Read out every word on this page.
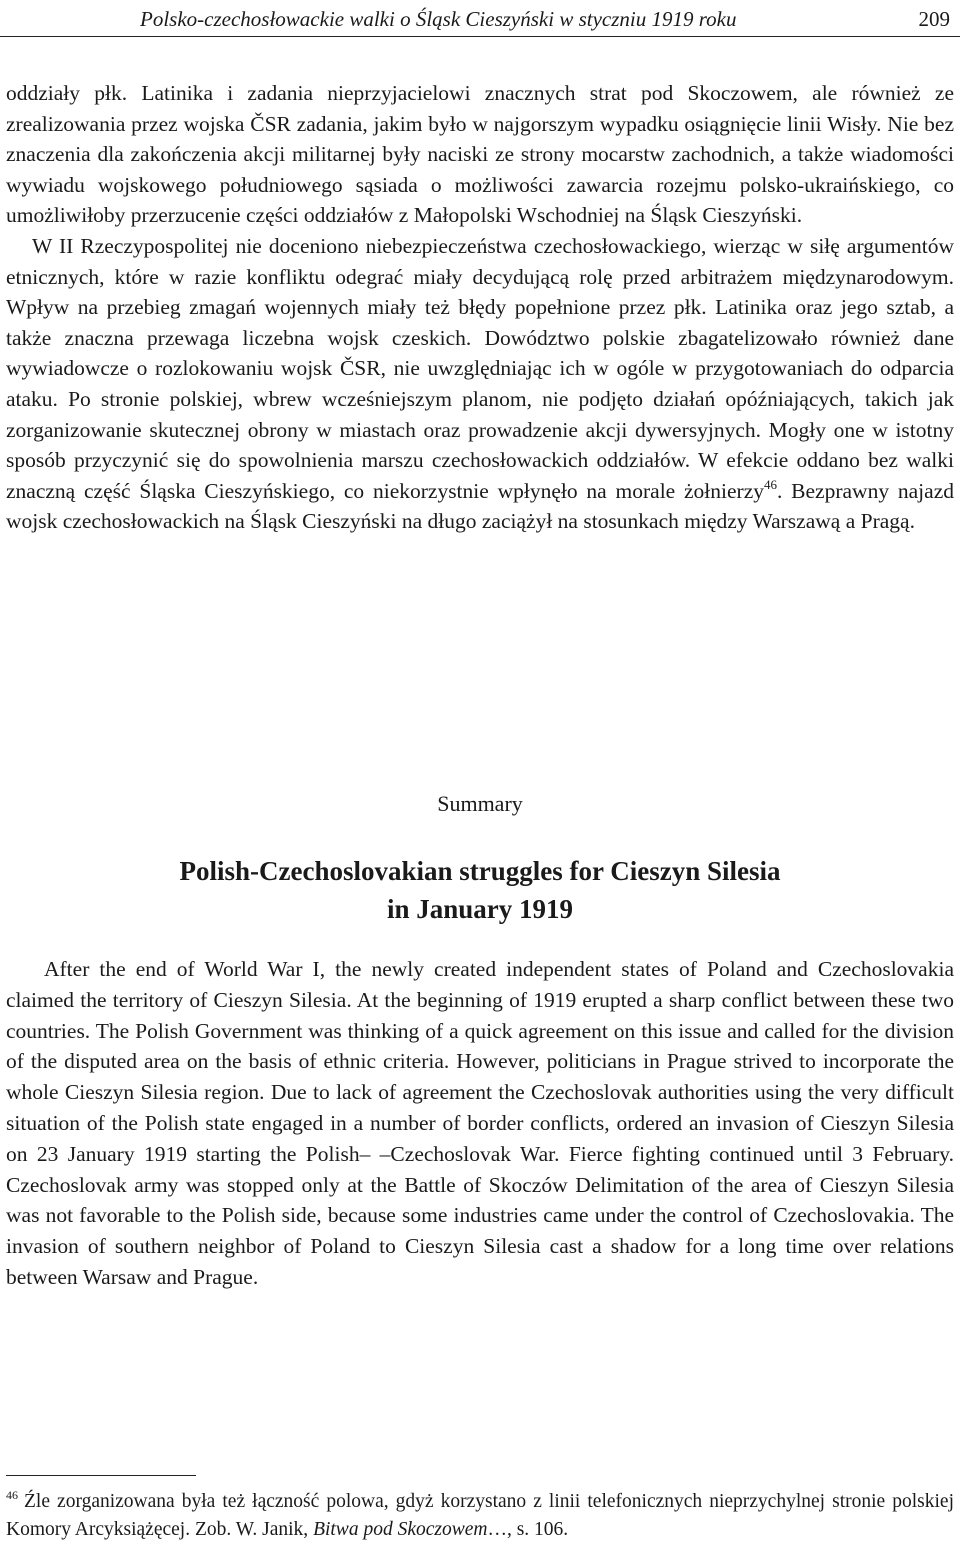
Polsko-czechosłowackie walki o Śląsk Cieszyński w styczniu 1919 roku	209

oddziały płk. Latinika i zadania nieprzyjacielowi znacznych strat pod Skoczowem, ale również ze zrealizowania przez wojska ČSR zadania, jakim było w najgorszym wypadku osiągnięcie linii Wisły. Nie bez znaczenia dla zakończenia akcji militarnej były naciski ze strony mocarstw zachodnich, a także wiadomości wywiadu wojskowego południowego sąsiada o możliwości zawarcia rozejmu polsko-ukraińskiego, co umożliwiłoby przerzucenie części oddziałów z Małopolski Wschodniej na Śląsk Cieszyński.

W II Rzeczypospolitej nie doceniono niebezpieczeństwa czechosłowackiego, wierząc w siłę argumentów etnicznych, które w razie konfliktu odegrać miały decydującą rolę przed arbitrażem międzynarodowym. Wpływ na przebieg zmagań wojennych miały też błędy popełnione przez płk. Latinika oraz jego sztab, a także znaczna przewaga liczebna wojsk czeskich. Dowództwo polskie zbagatelizowało również dane wywiadowcze o rozlokowaniu wojsk ČSR, nie uwzględniając ich w ogóle w przygotowaniach do odparcia ataku. Po stronie polskiej, wbrew wcześniejszym planom, nie podjęto działań opóźniających, takich jak zorganizowanie skutecznej obrony w miastach oraz prowadzenie akcji dywersyjnych. Mogły one w istotny sposób przyczynić się do spowolnienia marszu czechosłowackich oddziałów. W efekcie oddano bez walki znaczną część Śląska Cieszyńskiego, co niekorzystnie wpłynęło na morale żołnierzy$^{46}$. Bezprawny najazd wojsk czechosłowackich na Śląsk Cieszyński na długo zaciążył na stosunkach między Warszawą a Pragą.

Summary
Polish-Czechoslovakian struggles for Cieszyn Silesia
in January 1919

After the end of World War I, the newly created independent states of Poland and Czechoslovakia claimed the territory of Cieszyn Silesia. At the beginning of 1919 erupted a sharp conflict between these two countries. The Polish Government was thinking of a quick agreement on this issue and called for the division of the disputed area on the basis of ethnic criteria. However, politicians in Prague strived to incorporate the whole Cieszyn Silesia region. Due to lack of agreement the Czechoslovak authorities using the very difficult situation of the Polish state engaged in a number of border conflicts, ordered an invasion of Cieszyn Silesia on 23 January 1919 starting the Polish– –Czechoslovak War. Fierce fighting continued until 3 February. Czechoslovak army was stopped only at the Battle of Skoczów Delimitation of the area of Cieszyn Silesia was not favorable to the Polish side, because some industries came under the control of Czechoslovakia. The invasion of southern neighbor of Poland to Cieszyn Silesia cast a shadow for a long time over relations between Warsaw and Prague.

$^{46}$ Źle zorganizowana była też łączność polowa, gdyż korzystano z linii telefonicznych nieprzychylnej stronie polskiej Komory Arcyksiążęcej. Zob. W. Janik, Bitwa pod Skoczowem…, s. 106.
